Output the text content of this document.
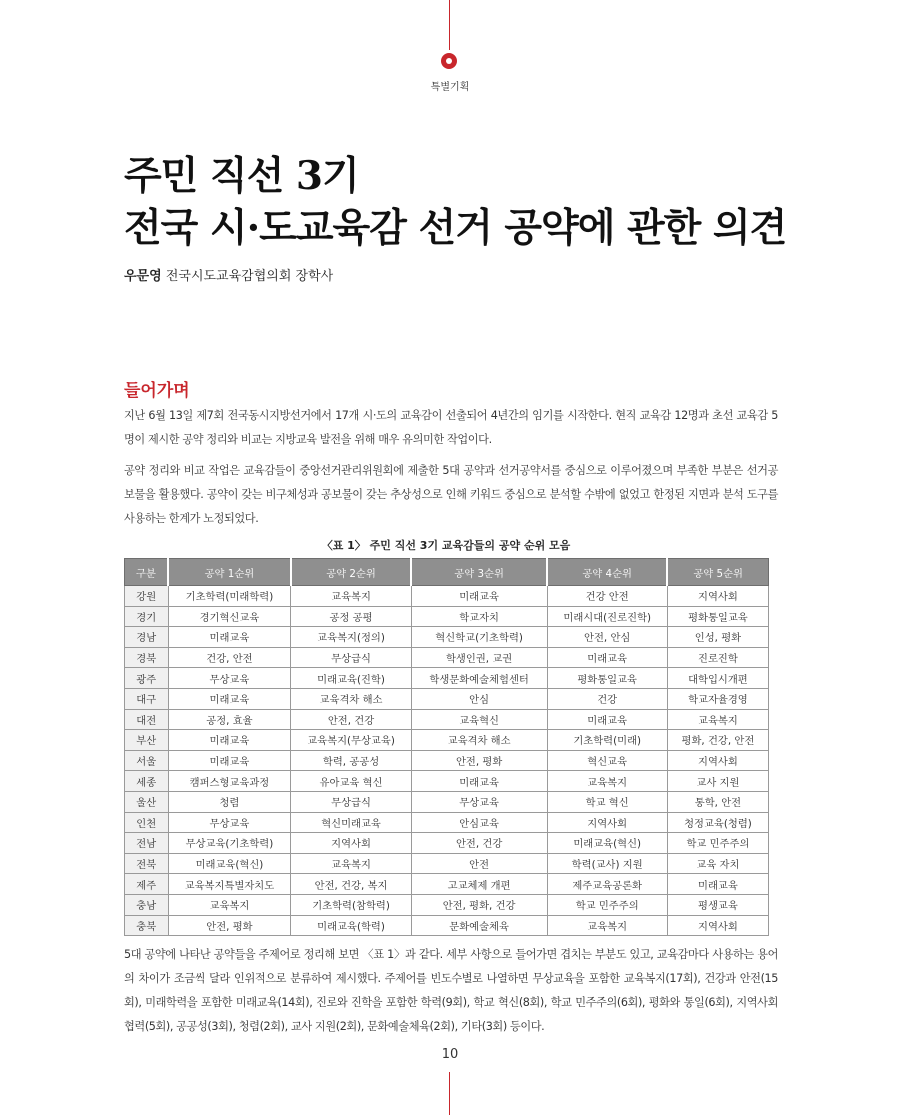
특별기획
주민 직선 3기
전국 시·도교육감 선거 공약에 관한 의견
우문영 전국시도교육감협의회 장학사
들어가며
지난 6월 13일 제7회 전국동시지방선거에서 17개 시·도의 교육감이 선출되어 4년간의 임기를 시작한다. 현직 교육감 12명과 초선 교육감 5명이 제시한 공약 정리와 비교는 지방교육 발전을 위해 매우 유의미한 작업이다.
공약 정리와 비교 작업은 교육감들이 중앙선거관리위원회에 제출한 5대 공약과 선거공약서를 중심으로 이루어졌으며 부족한 부분은 선거공보물을 활용했다. 공약이 갖는 비구체성과 공보물이 갖는 추상성으로 인해 키워드 중심으로 분석할 수밖에 없었고 한정된 지면과 분석 도구를 사용하는 한계가 노정되었다.
〈표 1〉 주민 직선 3기 교육감들의 공약 순위 모음
구분	공약 1순위	공약 2순위	공약 3순위	공약 4순위	공약 5순위
강원	기초학력(미래학력)	교육복지	미래교육	건강 안전	지역사회
경기	경기혁신교육	공정 공평	학교자치	미래시대(진로진학)	평화통일교육
경남	미래교육	교육복지(정의)	혁신학교(기초학력)	안전, 안심	인성, 평화
경북	건강, 안전	무상급식	학생인권, 교권	미래교육	진로진학
광주	무상교육	미래교육(진학)	학생문화예술체험센터	평화통일교육	대학입시개편
대구	미래교육	교육격차 해소	안심	건강	학교자율경영
대전	공정, 효율	안전, 건강	교육혁신	미래교육	교육복지
부산	미래교육	교육복지(무상교육)	교육격차 해소	기초학력(미래)	평화, 건강, 안전
서울	미래교육	학력, 공공성	안전, 평화	혁신교육	지역사회
세종	캠퍼스형교육과정	유아교육 혁신	미래교육	교육복지	교사 지원
울산	청렴	무상급식	무상교육	학교 혁신	통학, 안전
인천	무상교육	혁신미래교육	안심교육	지역사회	청정교육(청렴)
전남	무상교육(기초학력)	지역사회	안전, 건강	미래교육(혁신)	학교 민주주의
전북	미래교육(혁신)	교육복지	안전	학력(교사) 지원	교육 자치
제주	교육복지특별자치도	안전, 건강, 복지	고교체제 개편	제주교육공론화	미래교육
충남	교육복지	기초학력(참학력)	안전, 평화, 건강	학교 민주주의	평생교육
충북	안전, 평화	미래교육(학력)	문화예술체육	교육복지	지역사회
5대 공약에 나타난 공약들을 주제어로 정리해 보면 〈표 1〉과 같다. 세부 사항으로 들어가면 겹치는 부분도 있고, 교육감마다 사용하는 용어의 차이가 조금씩 달라 인위적으로 분류하여 제시했다. 주제어를 빈도수별로 나열하면 무상교육을 포함한 교육복지(17회), 건강과 안전(15회), 미래학력을 포함한 미래교육(14회), 진로와 진학을 포함한 학력(9회), 학교 혁신(8회), 학교 민주주의(6회), 평화와 통일(6회), 지역사회 협력(5회), 공공성(3회), 청렴(2회), 교사 지원(2회), 문화예술체육(2회), 기타(3회) 등이다.
10
